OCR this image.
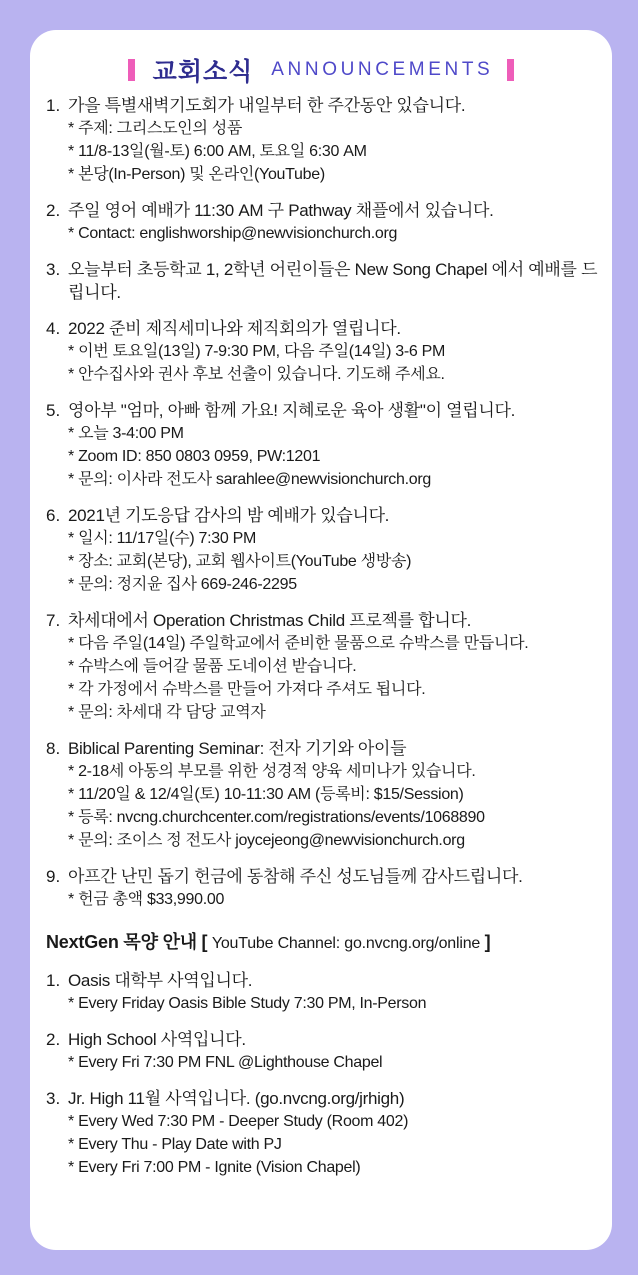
교회소식 ANNOUNCEMENTS
1. 가을 특별새벽기도회가 내일부터 한 주간동안 있습니다.
* 주제: 그리스도인의 성품
* 11/8-13일(월-토) 6:00 AM, 토요일 6:30 AM
* 본당(In-Person) 및 온라인(YouTube)
2. 주일 영어 예배가 11:30 AM 구 Pathway 채플에서 있습니다.
* Contact: englishworship@newvisionchurch.org
3. 오늘부터 초등학교 1, 2학년 어린이들은 New Song Chapel 에서 예배를 드립니다.
4. 2022 준비 제직세미나와 제직회의가 열립니다.
* 이번 토요일(13일) 7-9:30 PM, 다음 주일(14일) 3-6 PM
* 안수집사와 권사 후보 선출이 있습니다. 기도해 주세요.
5. 영아부 "엄마, 아빠 함께 가요! 지혜로운 육아 생활"이 열립니다.
* 오늘 3-4:00 PM
* Zoom ID: 850 0803 0959, PW:1201
* 문의: 이사라 전도사 sarahlee@newvisionchurch.org
6. 2021년 기도응답 감사의 밤 예배가 있습니다.
* 일시: 11/17일(수) 7:30 PM
* 장소: 교회(본당), 교회 웹사이트(YouTube 생방송)
* 문의: 정지윤 집사 669-246-2295
7. 차세대에서 Operation Christmas Child 프로젝를 합니다.
* 다음 주일(14일) 주일학교에서 준비한 물품으로 슈박스를 만듭니다.
* 슈박스에 들어갈 물품 도네이션 받습니다.
* 각 가정에서 슈박스를 만들어 가져다 주셔도 됩니다.
* 문의: 차세대 각 담당 교역자
8. Biblical Parenting Seminar: 전자 기기와 아이들
* 2-18세 아동의 부모를 위한 성경적 양육 세미나가 있습니다.
* 11/20일 & 12/4일(토) 10-11:30 AM (등록비: $15/Session)
* 등록: nvcng.churchcenter.com/registrations/events/1068890
* 문의: 조이스 정 전도사 joycejeong@newvisionchurch.org
9. 아프간 난민 돕기 헌금에 동참해 주신 성도님들께 감사드립니다.
* 헌금 총액 $33,990.00
NextGen 목양 안내 [ YouTube Channel: go.nvcng.org/online ]
1. Oasis 대학부 사역입니다.
* Every Friday Oasis Bible Study 7:30 PM, In-Person
2. High School 사역입니다.
* Every Fri 7:30 PM FNL @Lighthouse Chapel
3. Jr. High 11월 사역입니다. (go.nvcng.org/jrhigh)
* Every Wed 7:30 PM - Deeper Study (Room 402)
* Every Thu - Play Date with PJ
* Every Fri 7:00 PM - Ignite (Vision Chapel)
